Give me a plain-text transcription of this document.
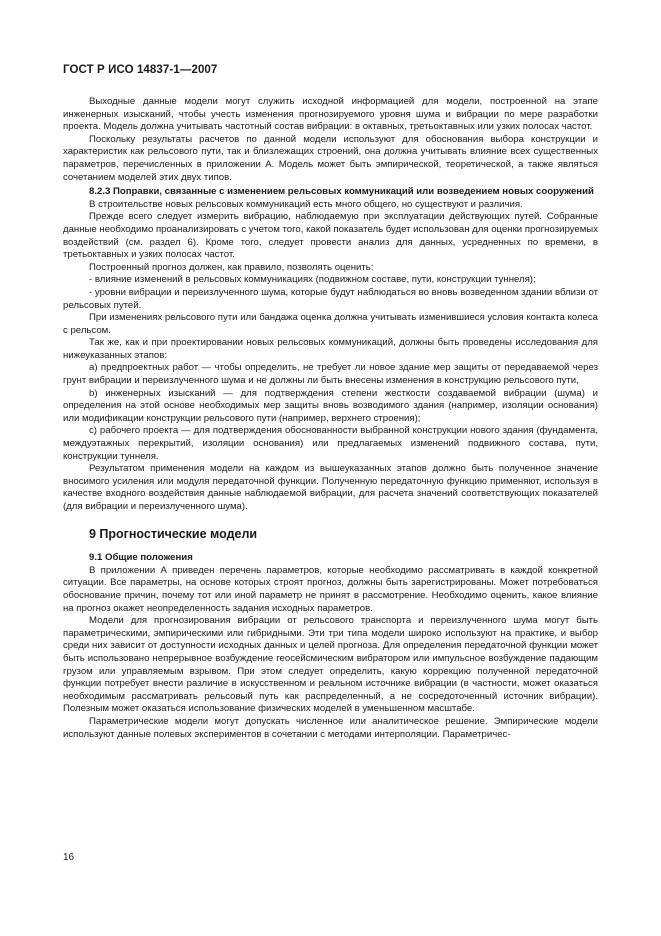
ГОСТ Р ИСО 14837-1—2007

Выходные данные модели могут служить исходной информацией для модели, построенной на этапе инженерных изысканий, чтобы учесть изменения прогнозируемого уровня шума и вибрации по мере разработки проекта. Модель должна учитывать частотный состав вибрации: в октавных, третьоктавных или узких полосах частот.

Поскольку результаты расчетов по данной модели используют для обоснования выбора конструкции и характеристик как рельсового пути, так и близлежащих строений, она должна учитывать влияние всех существенных параметров, перечисленных в приложении А. Модель может быть эмпирической, теоретической, а также являться сочетанием моделей этих двух типов.

8.2.3 Поправки, связанные с изменением рельсовых коммуникаций или возведением новых сооружений

В строительстве новых рельсовых коммуникаций есть много общего, но существуют и различия.

Прежде всего следует измерить вибрацию, наблюдаемую при эксплуатации действующих путей. Собранные данные необходимо проанализировать с учетом того, какой показатель будет использован для оценки прогнозируемых воздействий (см. раздел 6). Кроме того, следует провести анализ для данных, усредненных по времени, в третьоктавных и узких полосах частот.

Построенный прогноз должен, как правило, позволять оценить:

- влияние изменений в рельсовых коммуникациях (подвижном составе, пути, конструкции туннеля);

- уровни вибрации и переизлученного шума, которые будут наблюдаться во вновь возведенном здании вблизи от рельсовых путей.

При изменениях рельсового пути или бандажа оценка должна учитывать изменившиеся условия контакта колеса с рельсом.

Так же, как и при проектировании новых рельсовых коммуникаций, должны быть проведены исследования для нижеуказанных этапов:

a) предпроектных работ — чтобы определить, не требует ли новое здание мер защиты от передаваемой через грунт вибрации и переизлученного шума и не должны ли быть внесены изменения в конструкцию рельсового пути,

b) инженерных изысканий — для подтверждения степени жесткости создаваемой вибрации (шума) и определения на этой основе необходимых мер защиты вновь возводимого здания (например, изоляции основания) или модификации конструкции рельсового пути (например, верхнего строения);

c) рабочего проекта — для подтверждения обоснованности выбранной конструкции нового здания (фундамента, междуэтажных перекрытий, изоляции основания) или предлагаемых изменений подвижного состава, пути, конструкции туннеля.

Результатом применения модели на каждом из вышеуказанных этапов должно быть полученное значение вносимого усиления или модуля передаточной функции. Полученную передаточную функцию применяют, используя в качестве входного воздействия данные наблюдаемой вибрации, для расчета значений соответствующих показателей (для вибрации и переизлученного шума).

9 Прогностические модели

9.1 Общие положения

В приложении А приведен перечень параметров, которые необходимо рассматривать в каждой конкретной ситуации. Все параметры, на основе которых строят прогноз, должны быть зарегистрированы. Может потребоваться обоснование причин, почему тот или иной параметр не принят в рассмотрение. Необходимо оценить, какое влияние на прогноз окажет неопределенность задания исходных параметров.

Модели для прогнозирования вибрации от рельсового транспорта и переизлученного шума могут быть параметрическими, эмпирическими или гибридными. Эти три типа модели широко используют на практике, и выбор среди них зависит от доступности исходных данных и целей прогноза. Для определения передаточной функции может быть использовано непрерывное возбуждение геосейсмическим вибратором или импульсное возбуждение падающим грузом или управляемым взрывом. При этом следует определить, какую коррекцию полученной передаточной функции потребует внести различие в искусственном и реальном источнике вибрации (в частности, может оказаться необходимым рассматривать рельсовый путь как распределенный, а не сосредоточенный источник вибрации). Полезным может оказаться использование физических моделей в уменьшенном масштабе.

Параметрические модели могут допускать численное или аналитическое решение. Эмпирические модели используют данные полевых экспериментов в сочетании с методами интерполяции. Параметричес-

16
